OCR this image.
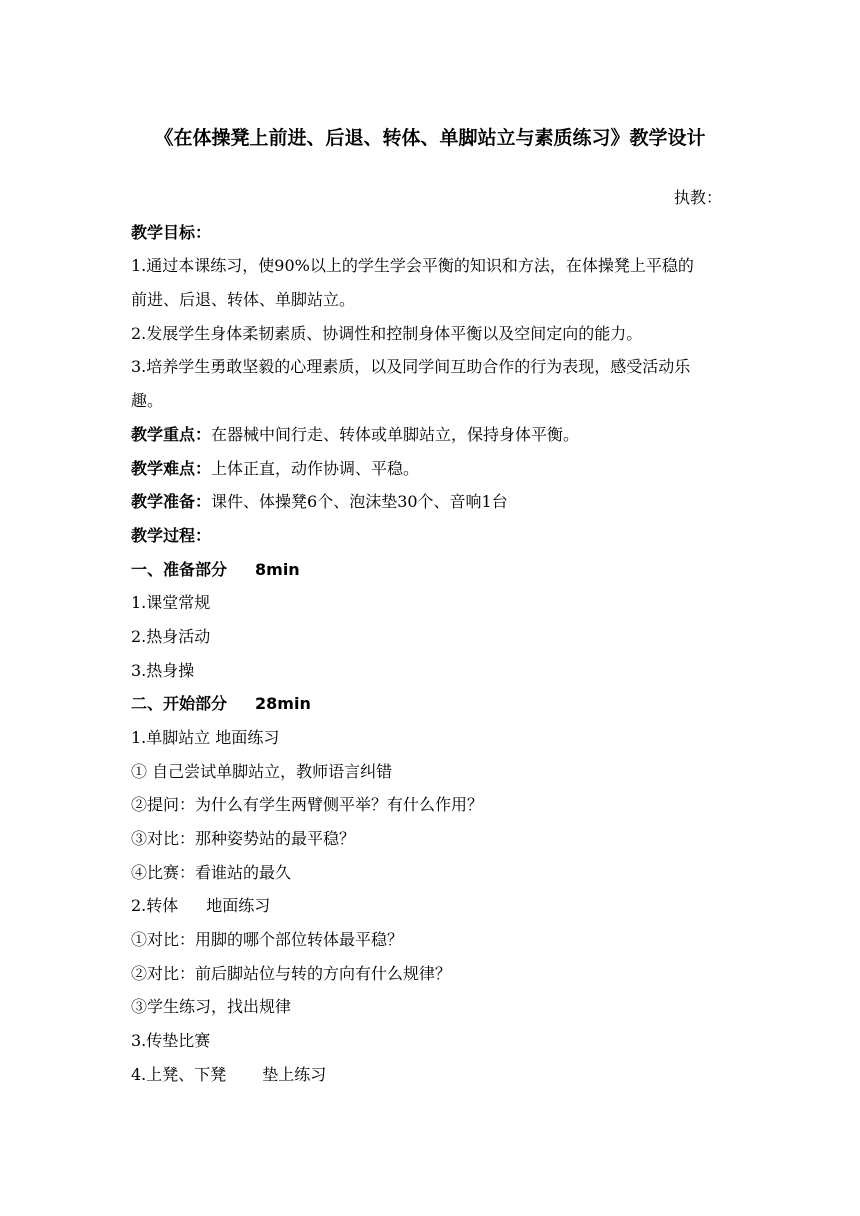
《在体操凳上前进、后退、转体、单脚站立与素质练习》教学设计
执教：
教学目标：
1.通过本课练习，使90%以上的学生学会平衡的知识和方法，在体操凳上平稳的
前进、后退、转体、单脚站立。
2.发展学生身体柔韧素质、协调性和控制身体平衡以及空间定向的能力。
3.培养学生勇敢坚毅的心理素质，以及同学间互助合作的行为表现，感受活动乐
趣。
教学重点：在器械中间行走、转体或单脚站立，保持身体平衡。
教学难点：上体正直，动作协调、平稳。
教学准备：课件、体操凳6个、泡沫垫30个、音响1台
教学过程：
一、准备部分 8min
1.课堂常规
2.热身活动
3.热身操
二、开始部分 28min
1.单脚站立 地面练习
① 自己尝试单脚站立，教师语言纠错
②提问：为什么有学生两臂侧平举？有什么作用？
③对比：那种姿势站的最平稳？
④比赛：看谁站的最久
2.转体 地面练习
①对比：用脚的哪个部位转体最平稳？
②对比：前后脚站位与转的方向有什么规律？
③学生练习，找出规律
3.传垫比赛
4.上凳、下凳 垫上练习
